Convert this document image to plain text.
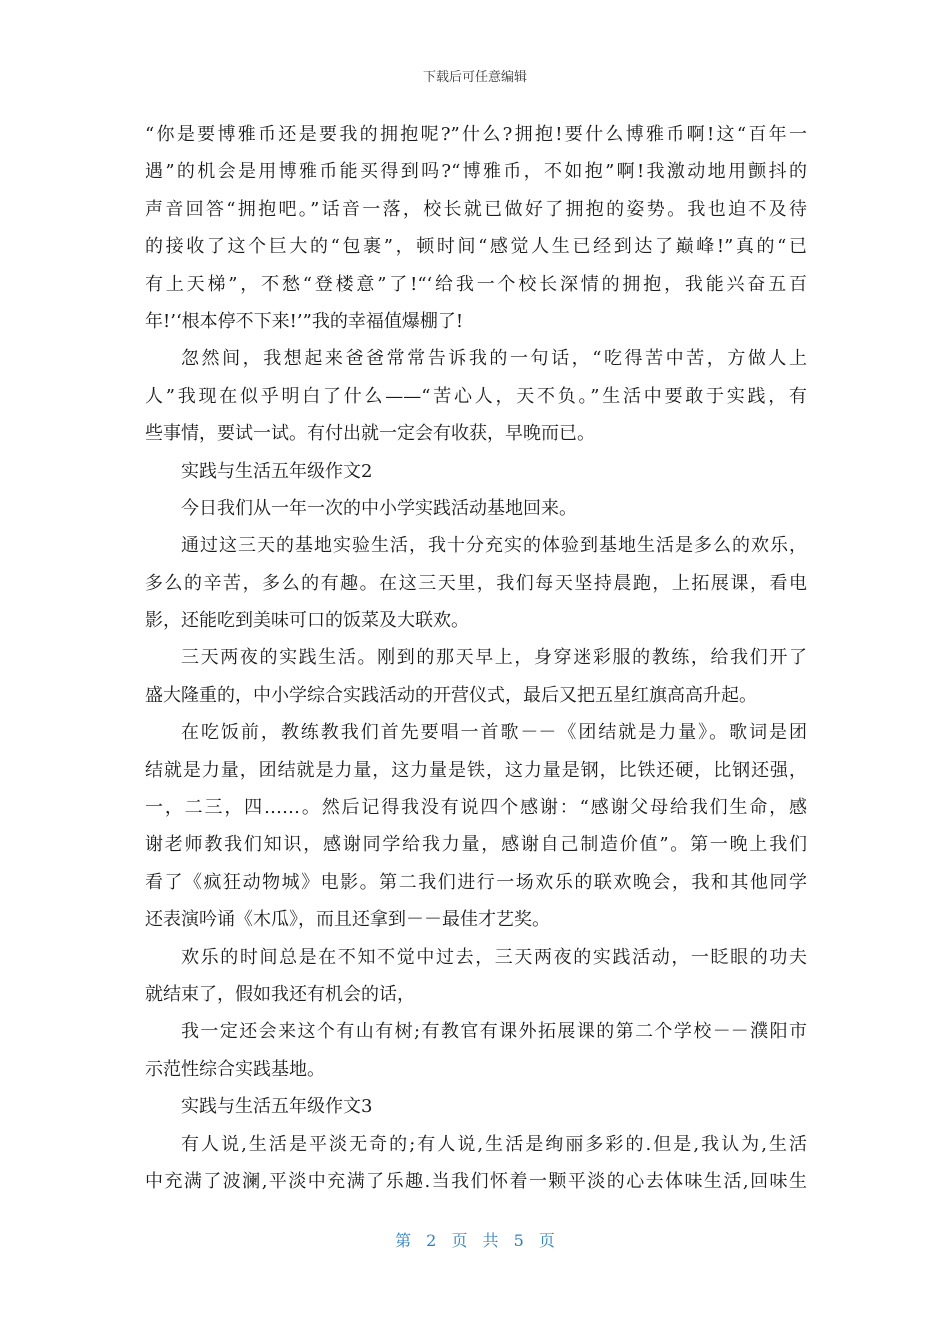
下载后可任意编辑
“你是要博雅币还是要我的拥抱呢?”什么?拥抱!要什么博雅币啊!这“百年一
遇”的机会是用博雅币能买得到吗?“博雅币，不如抱”啊!我激动地用颤抖的
声音回答“拥抱吧。”话音一落，校长就已做好了拥抱的姿势。我也迫不及待
的接收了这个巨大的“包裹”，顿时间“感觉人生已经到达了巅峰!”真的“已
有上天梯”，不愁“登楼意”了!“‘给我一个校长深情的拥抱，我能兴奋五百
年!’‘根本停不下来!’”我的幸福值爆棚了!
忽然间，我想起来爸爸常常告诉我的一句话，“吃得苦中苦，方做人上
人”我现在似乎明白了什么——“苦心人，天不负。”生活中要敢于实践，有
些事情，要试一试。有付出就一定会有收获，早晚而已。
实践与生活五年级作文2
今日我们从一年一次的中小学实践活动基地回来。
通过这三天的基地实验生活，我十分充实的体验到基地生活是多么的欢乐，
多么的辛苦，多么的有趣。在这三天里，我们每天坚持晨跑，上拓展课，看电
影，还能吃到美味可口的饭菜及大联欢。
三天两夜的实践生活。刚到的那天早上，身穿迷彩服的教练，给我们开了
盛大隆重的，中小学综合实践活动的开营仪式，最后又把五星红旗高高升起。
在吃饭前，教练教我们首先要唱一首歌－－《团结就是力量》。歌词是团
结就是力量，团结就是力量，这力量是铁，这力量是钢，比铁还硬，比钢还强，
一，二三，四……。然后记得我没有说四个感谢：“感谢父母给我们生命，感
谢老师教我们知识，感谢同学给我力量，感谢自己制造价值”。第一晚上我们
看了《疯狂动物城》电影。第二我们进行一场欢乐的联欢晚会，我和其他同学
还表演吟诵《木瓜》，而且还拿到－－最佳才艺奖。
欢乐的时间总是在不知不觉中过去，三天两夜的实践活动，一眨眼的功夫
就结束了，假如我还有机会的话，
我一定还会来这个有山有树;有教官有课外拓展课的第二个学校－－濮阳市
示范性综合实践基地。
实践与生活五年级作文3
有人说,生活是平淡无奇的;有人说,生活是绚丽多彩的.但是,我认为,生活
中充满了波澜,平淡中充满了乐趣.当我们怀着一颗平淡的心去体味生活,回味生
第 2 页 共 5 页
